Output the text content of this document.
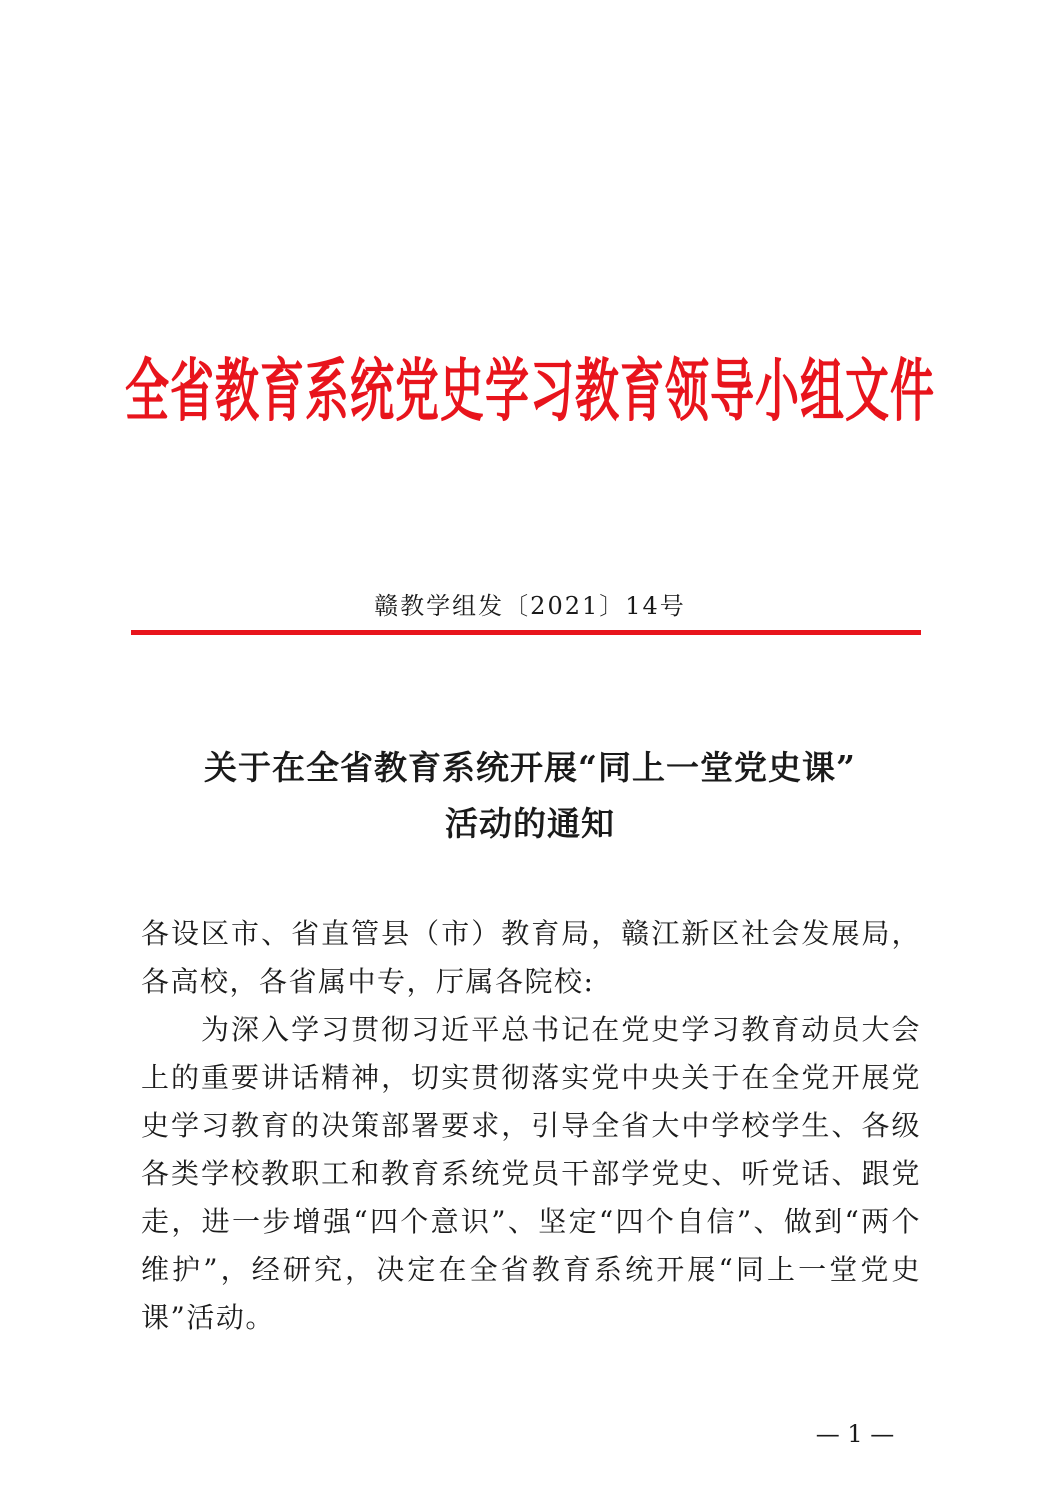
全省教育系统党史学习教育领导小组文件
赣教学组发〔2021〕14号
关于在全省教育系统开展“同上一堂党史课”
活动的通知

各设区市、省直管县（市）教育局，赣江新区社会发展局，各高校，各省属中专，厅属各院校:

为深入学习贯彻习近平总书记在党史学习教育动员大会上的重要讲话精神，切实贯彻落实党中央关于在全党开展党史学习教育的决策部署要求，引导全省大中学校学生、各级各类学校教职工和教育系统党员干部学党史、听党话、跟党走，进一步增强“四个意识”、坚定“四个自信”、做到“两个维护”，经研究，决定在全省教育系统开展“同上一堂党史课”活动。

— 1 —
